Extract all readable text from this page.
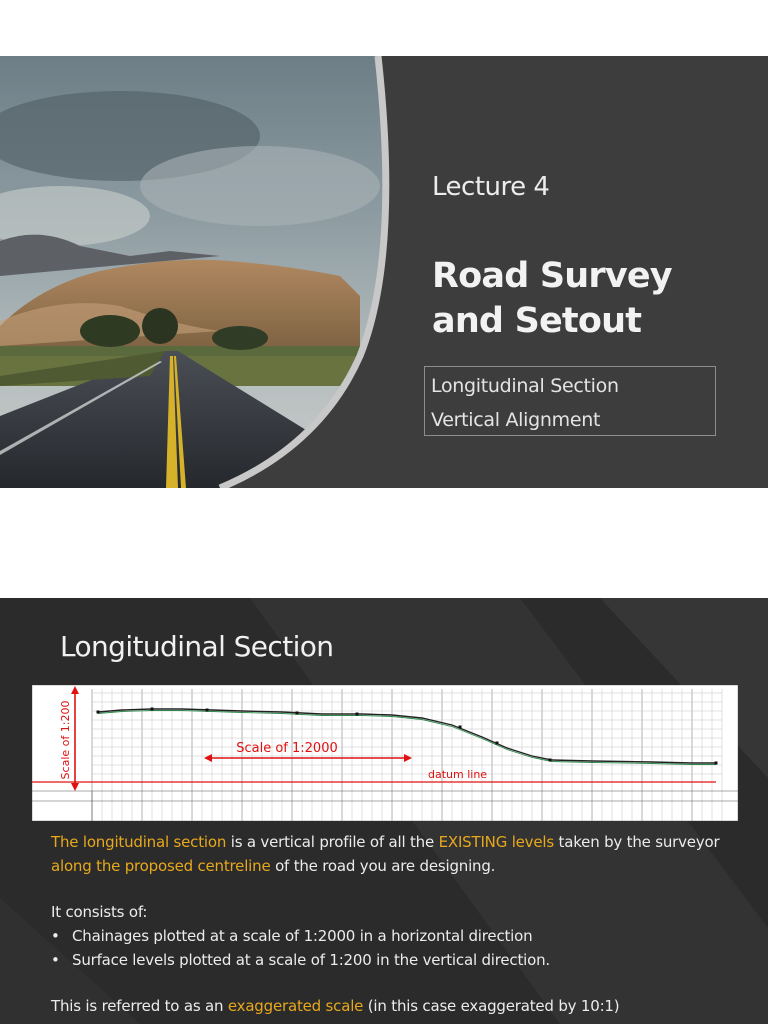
Lecture 4
Road Survey
and Setout
Longitudinal Section
Vertical Alignment
Longitudinal Section
Scale of 1:200	Scale of 1:2000
datum line

The longitudinal section is a vertical profile of all the EXISTING levels taken by the surveyor along the proposed centreline of the road you are designing.

It consists of:

• Chainages plotted at a scale of 1:2000 in a horizontal direction
• Surface levels plotted at a scale of 1:200 in the vertical direction.

This is referred to as an exaggerated scale (in this case exaggerated by 10:1)
